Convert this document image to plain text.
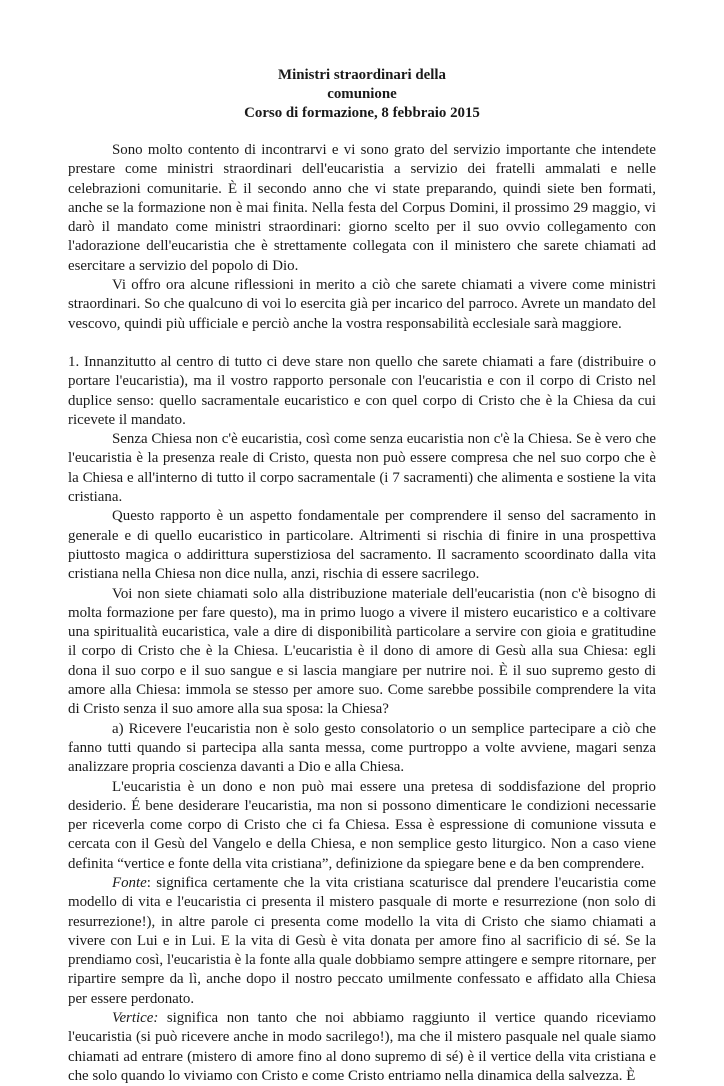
Ministri straordinari della
comunione
Corso di formazione, 8 febbraio 2015

Sono molto contento di incontrarvi e vi sono grato del servizio importante che intendete prestare come ministri straordinari dell'eucaristia a servizio dei fratelli ammalati e nelle celebrazioni comunitarie. È il secondo anno che vi state preparando, quindi siete ben formati, anche se la formazione non è mai finita. Nella festa del Corpus Domini, il prossimo 29 maggio, vi darò il mandato come ministri straordinari: giorno scelto per il suo ovvio collegamento con l'adorazione dell'eucaristia che è strettamente collegata con il ministero che sarete chiamati ad esercitare a servizio del popolo di Dio.

Vi offro ora alcune riflessioni in merito a ciò che sarete chiamati a vivere come ministri straordinari. So che qualcuno di voi lo esercita già per incarico del parroco. Avrete un mandato del vescovo, quindi più ufficiale e perciò anche la vostra responsabilità ecclesiale sarà maggiore.

1. Innanzitutto al centro di tutto ci deve stare non quello che sarete chiamati a fare (distribuire o portare l'eucaristia), ma il vostro rapporto personale con l'eucaristia e con il corpo di Cristo nel duplice senso: quello sacramentale eucaristico e con quel corpo di Cristo che è la Chiesa da cui ricevete il mandato.

Senza Chiesa non c'è eucaristia, così come senza eucaristia non c'è la Chiesa. Se è vero che l'eucaristia è la presenza reale di Cristo, questa non può essere compresa che nel suo corpo che è la Chiesa e all'interno di tutto il corpo sacramentale (i 7 sacramenti) che alimenta e sostiene la vita cristiana.

Questo rapporto è un aspetto fondamentale per comprendere il senso del sacramento in generale e di quello eucaristico in particolare. Altrimenti si rischia di finire in una prospettiva piuttosto magica o addirittura superstiziosa del sacramento. Il sacramento scoordinato dalla vita cristiana nella Chiesa non dice nulla, anzi, rischia di essere sacrilego.

Voi non siete chiamati solo alla distribuzione materiale dell'eucaristia (non c'è bisogno di molta formazione per fare questo), ma in primo luogo a vivere il mistero eucaristico e a coltivare una spiritualità eucaristica, vale a dire di disponibilità particolare a servire con gioia e gratitudine il corpo di Cristo che è la Chiesa. L'eucaristia è il dono di amore di Gesù alla sua Chiesa: egli dona il suo corpo e il suo sangue e si lascia mangiare per nutrire noi. È il suo supremo gesto di amore alla Chiesa: immola se stesso per amore suo. Come sarebbe possibile comprendere la vita di Cristo senza il suo amore alla sua sposa: la Chiesa?

a) Ricevere l'eucaristia non è solo gesto consolatorio o un semplice partecipare a ciò che fanno tutti quando si partecipa alla santa messa, come purtroppo a volte avviene, magari senza analizzare propria coscienza davanti a Dio e alla Chiesa.

L'eucaristia è un dono e non può mai essere una pretesa di soddisfazione del proprio desiderio. É bene desiderare l'eucaristia, ma non si possono dimenticare le condizioni necessarie per riceverla come corpo di Cristo che ci fa Chiesa. Essa è espressione di comunione vissuta e cercata con il Gesù del Vangelo e della Chiesa, e non semplice gesto liturgico. Non a caso viene definita “vertice e fonte della vita cristiana”, definizione da spiegare bene e da ben comprendere.

Fonte: significa certamente che la vita cristiana scaturisce dal prendere l'eucaristia come modello di vita e l'eucaristia ci presenta il mistero pasquale di morte e resurrezione (non solo di resurrezione!), in altre parole ci presenta come modello la vita di Cristo che siamo chiamati a vivere con Lui e in Lui. E la vita di Gesù è vita donata per amore fino al sacrificio di sé. Se la prendiamo così, l'eucaristia è la fonte alla quale dobbiamo sempre attingere e sempre ritornare, per ripartire sempre da lì, anche dopo il nostro peccato umilmente confessato e affidato alla Chiesa per essere perdonato.

Vertice: significa non tanto che noi abbiamo raggiunto il vertice quando riceviamo l'eucaristia (si può ricevere anche in modo sacrilego!), ma che il mistero pasquale nel quale siamo chiamati ad entrare (mistero di amore fino al dono supremo di sé) è il vertice della vita cristiana e che solo quando lo viviamo con Cristo e come Cristo entriamo nella dinamica della salvezza. È
